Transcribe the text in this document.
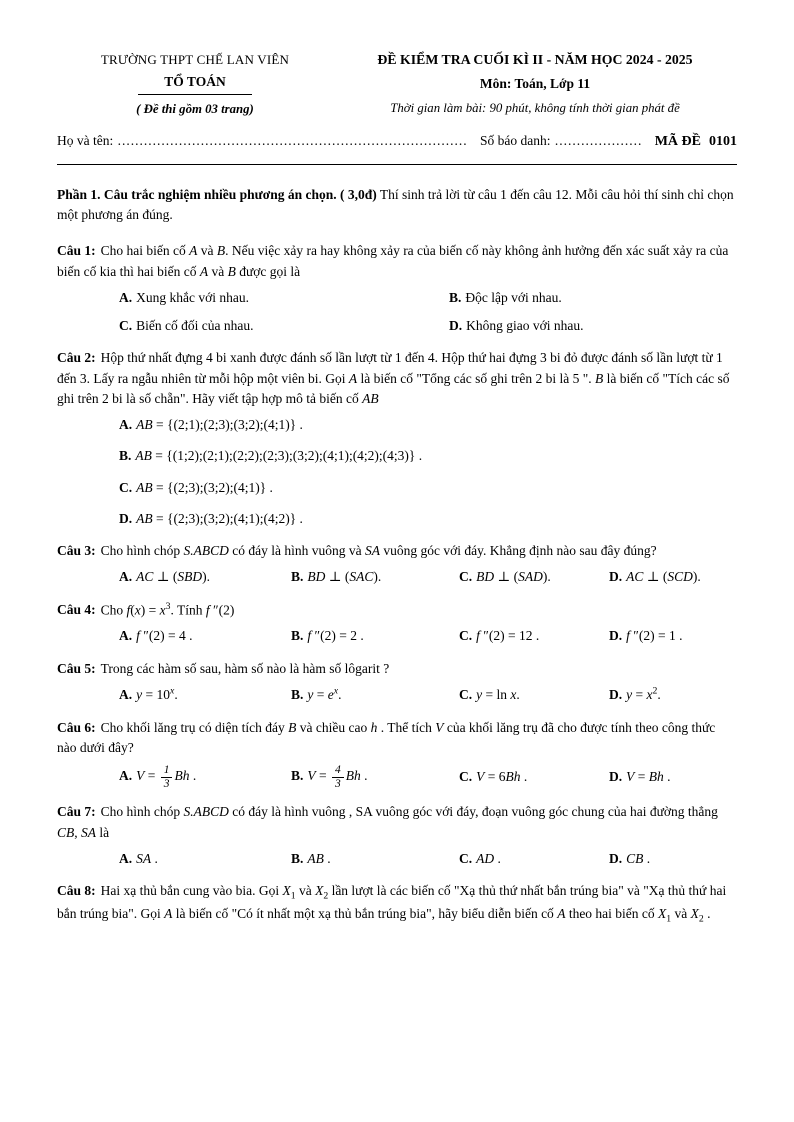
TRƯỜNG THPT CHẾ LAN VIÊN
TỔ TOÁN
( Đề thi gồm 03 trang)
ĐỀ KIỂM TRA CUỐI KÌ II - NĂM HỌC 2024 - 2025
Môn: Toán, Lớp 11
Thời gian làm bài: 90 phút, không tính thời gian phát đề
Họ và tên: ................................................................................ Số báo danh: .................... MÃ ĐỀ 0101

Phần 1. Câu trắc nghiệm nhiều phương án chọn. ( 3,0đ) Thí sinh trả lời từ câu 1 đến câu 12. Mỗi câu hỏi thí sinh chỉ chọn một phương án đúng.

Câu 1: Cho hai biến cố A và B. Nếu việc xảy ra hay không xảy ra của biến cố này không ảnh hưởng đến xác suất xảy ra của biến cố kia thì hai biến cố A và B được gọi là

A. Xung khắc với nhau.	B. Độc lập với nhau.
C. Biến cố đối của nhau.	D. Không giao với nhau.

Câu 2: Hộp thứ nhất đựng 4 bi xanh được đánh số lần lượt từ 1 đến 4. Hộp thứ hai đựng 3 bi đỏ được đánh số lần lượt từ 1 đến 3. Lấy ra ngẫu nhiên từ mỗi hộp một viên bi. Gọi A là biến cố "Tổng các số ghi trên 2 bi là 5 ". B là biến cố "Tích các số ghi trên 2 bi là số chẵn". Hãy viết tập hợp mô tả biến cố AB

A. AB = {(2;1);(2;3);(3;2);(4;1)} .
B. AB = {(1;2);(2;1);(2;2);(2;3);(3;2);(4;1);(4;2);(4;3)} .
C. AB = {(2;3);(3;2);(4;1)} .
D. AB = {(2;3);(3;2);(4;1);(4;2)} .

Câu 3: Cho hình chóp S.ABCD có đáy là hình vuông và SA vuông góc với đáy. Khẳng định nào sau đây đúng?

A. AC ⊥ (SBD).	B. BD ⊥ (SAC).	C. BD ⊥ (SAD).	D. AC ⊥ (SCD).

Câu 4: Cho $f(x) = x^3$. Tính f ″(2)

A. f ″(2) = 4 .	B. f ″(2) = 2 .	C. f ″(2) = 12 .	D. f ″(2) = 1 .

Câu 5: Trong các hàm số sau, hàm số nào là hàm số lôgarit ?

A. $y = 10^x$.	B. $y = e^x$.	C. y = ln x.	D. $y = x^2$.

Câu 6: Cho khối lăng trụ có diện tích đáy B và chiều cao h . Thể tích V của khối lăng trụ đã cho được tính theo công thức nào dưới đây?

A. $V = \frac{1}{3}$ Bh .	B. $V = \frac{4}{3}$ Bh .	C. V = 6Bh .	D. V = Bh .

Câu 7: Cho hình chóp S.ABCD có đáy là hình vuông , SA vuông góc với đáy, đoạn vuông góc chung của hai đường thẳng CB, SA là

A. SA .	B. AB .	C. AD .	D. CB .

Câu 8: Hai xạ thủ bắn cung vào bia. Gọi $X_1$ và $X_2$ lần lượt là các biến cố "Xạ thủ thứ nhất bắn trúng bia" và "Xạ thủ thứ hai bắn trúng bia". Gọi A là biến cố "Có ít nhất một xạ thủ bắn trúng bia", hãy biểu diễn biến cố A theo hai biến cố $X_1$ và $X_2$ .
